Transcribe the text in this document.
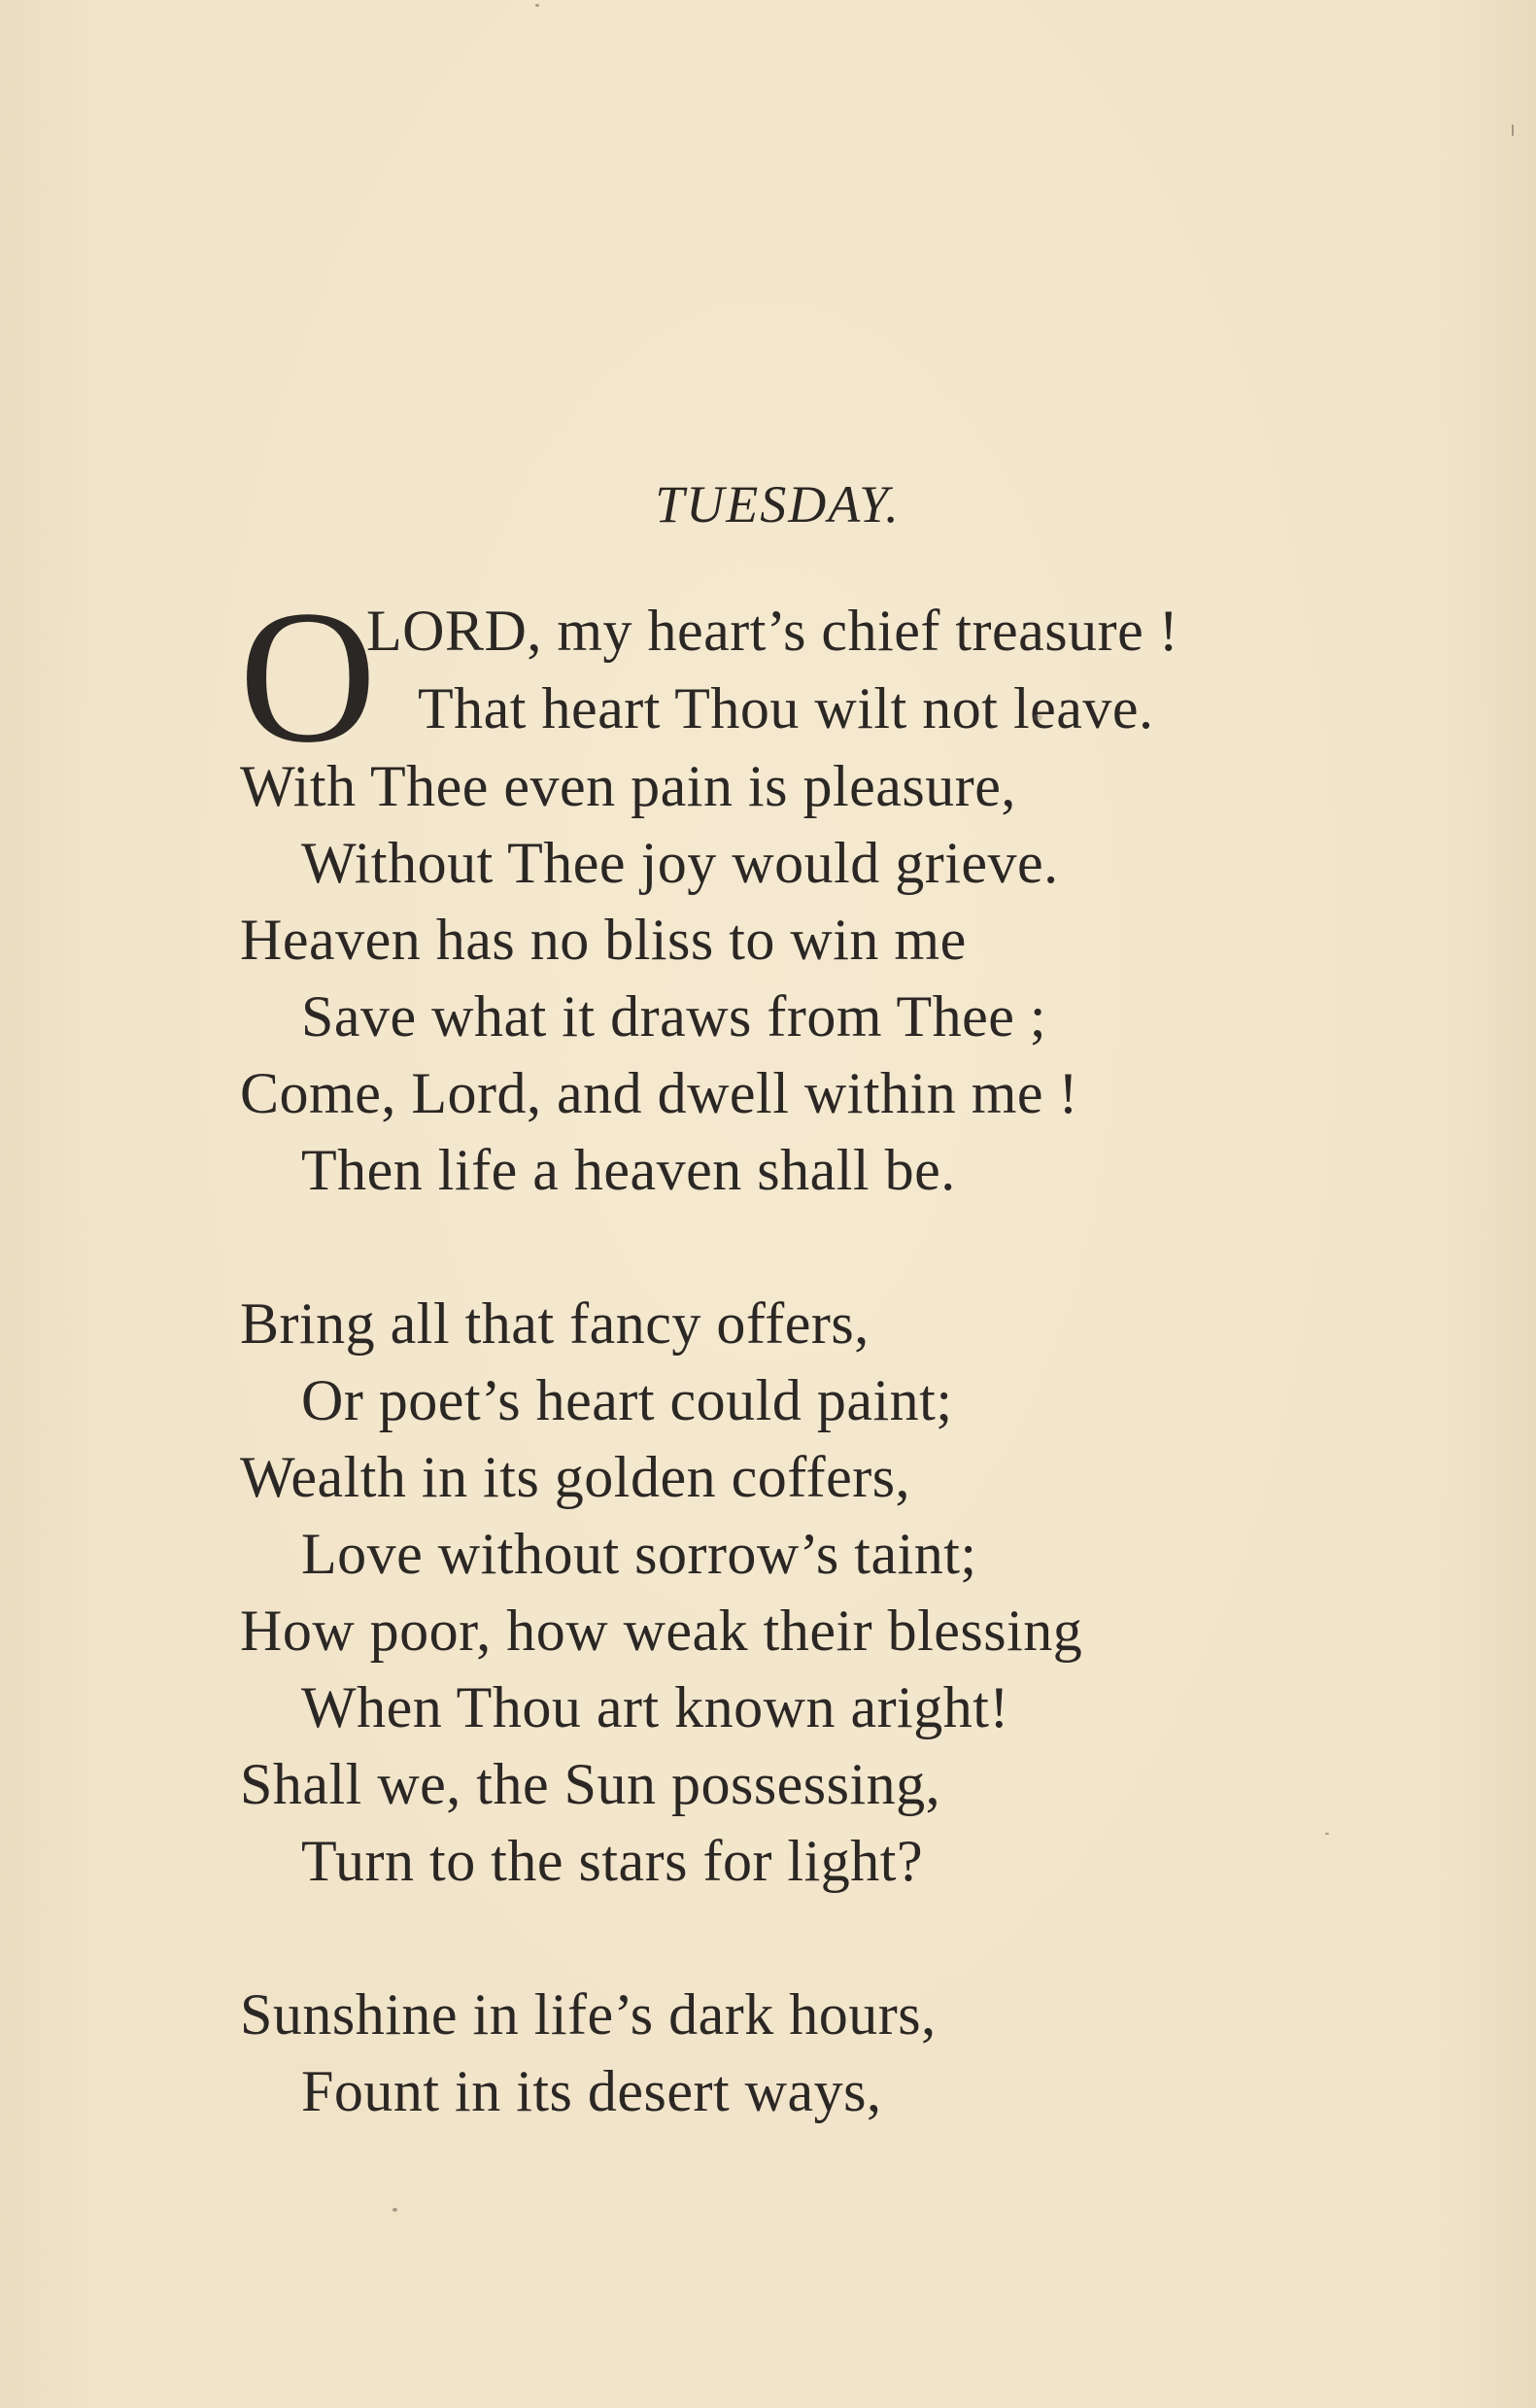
TUESDAY.
O
LORD, my heart’s chief treasure !
That heart Thou wilt not leave.
With Thee even pain is pleasure,
Without Thee joy would grieve.
Heaven has no bliss to win me
Save what it draws from Thee ;
Come, Lord, and dwell within me !
Then life a heaven shall be.
Bring all that fancy offers,
Or poet’s heart could paint;
Wealth in its golden coffers,
Love without sorrow’s taint;
How poor, how weak their blessing
When Thou art known aright!
Shall we, the Sun possessing,
Turn to the stars for light?
Sunshine in life’s dark hours,
Fount in its desert ways,
